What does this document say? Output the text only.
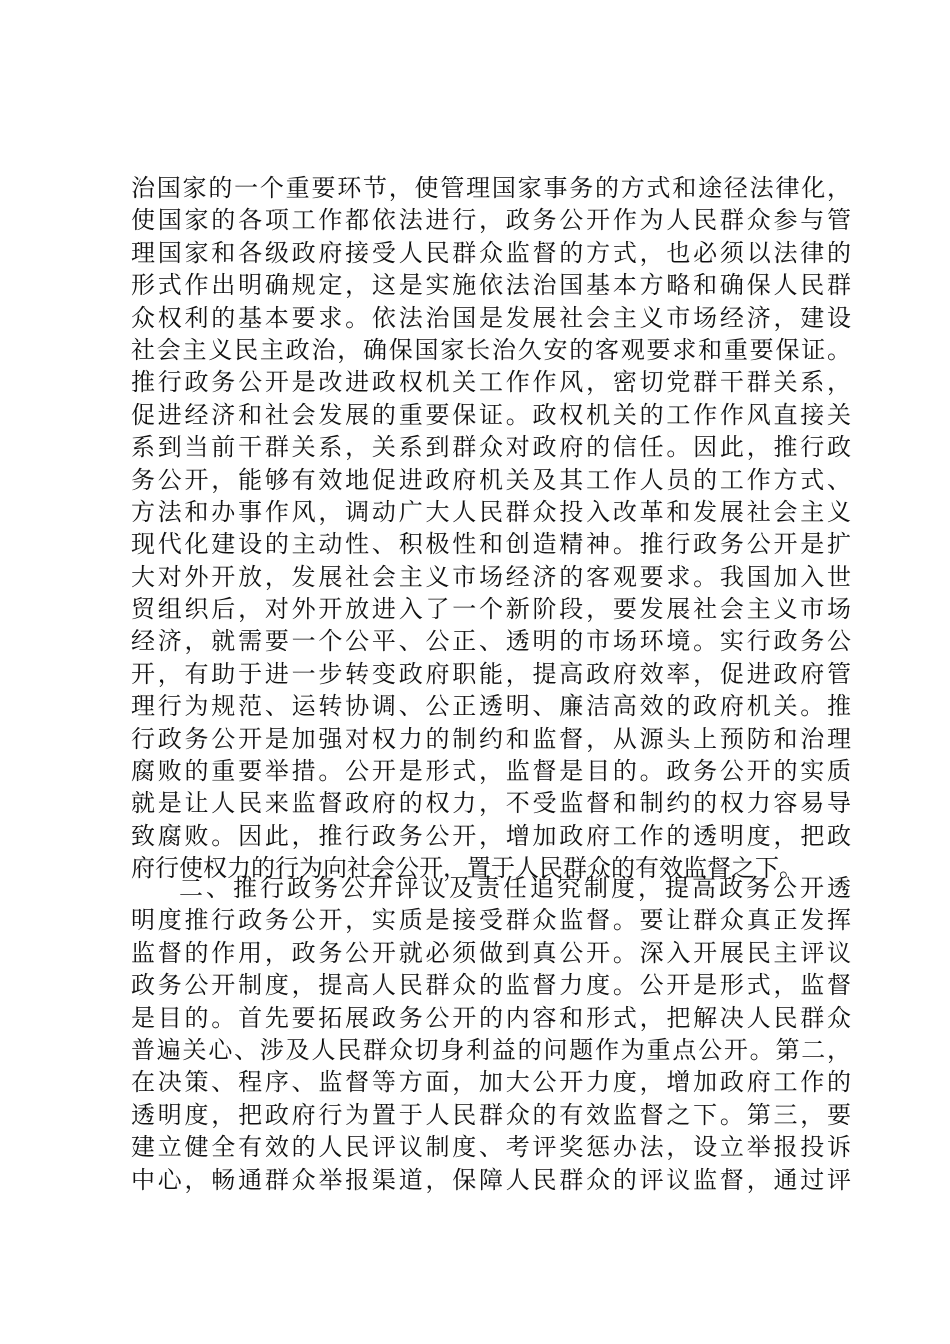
治国家的一个重要环节，使管理国家事务的方式和途径法律化，
使国家的各项工作都依法进行，政务公开作为人民群众参与管
理国家和各级政府接受人民群众监督的方式，也必须以法律的
形式作出明确规定，这是实施依法治国基本方略和确保人民群
众权利的基本要求。依法治国是发展社会主义市场经济，建设
社会主义民主政治，确保国家长治久安的客观要求和重要保证。
推行政务公开是改进政权机关工作作风，密切党群干群关系，
促进经济和社会发展的重要保证。政权机关的工作作风直接关
系到当前干群关系，关系到群众对政府的信任。因此，推行政
务公开，能够有效地促进政府机关及其工作人员的工作方式、
方法和办事作风，调动广大人民群众投入改革和发展社会主义
现代化建设的主动性、积极性和创造精神。推行政务公开是扩
大对外开放，发展社会主义市场经济的客观要求。我国加入世
贸组织后，对外开放进入了一个新阶段，要发展社会主义市场
经济，就需要一个公平、公正、透明的市场环境。实行政务公
开，有助于进一步转变政府职能，提高政府效率，促进政府管
理行为规范、运转协调、公正透明、廉洁高效的政府机关。推
行政务公开是加强对权力的制约和监督，从源头上预防和治理
腐败的重要举措。公开是形式，监督是目的。政务公开的实质
就是让人民来监督政府的权力，不受监督和制约的权力容易导
致腐败。因此，推行政务公开，增加政府工作的透明度，把政
府行使权力的行为向社会公开，置于人民群众的有效监督之下。
二、推行政务公开评议及责任追究制度，提高政务公开透
明度推行政务公开，实质是接受群众监督。要让群众真正发挥
监督的作用，政务公开就必须做到真公开。深入开展民主评议
政务公开制度，提高人民群众的监督力度。公开是形式，监督
是目的。首先要拓展政务公开的内容和形式，把解决人民群众
普遍关心、涉及人民群众切身利益的问题作为重点公开。第二，
在决策、程序、监督等方面，加大公开力度，增加政府工作的
透明度，把政府行为置于人民群众的有效监督之下。第三，要
建立健全有效的人民评议制度、考评奖惩办法，设立举报投诉
中心，畅通群众举报渠道，保障人民群众的评议监督，通过评
